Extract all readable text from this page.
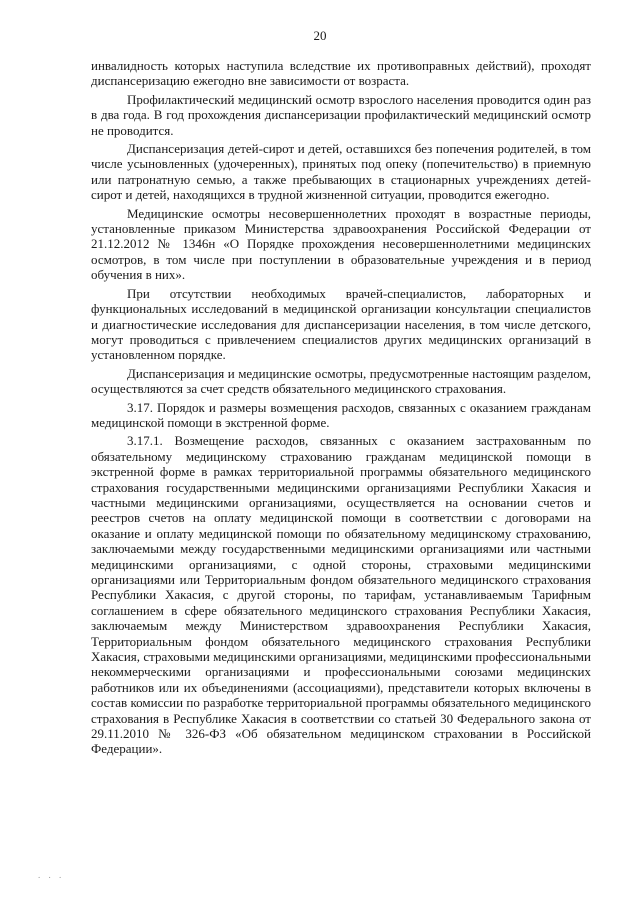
20

инвалидность которых наступила вследствие их противоправных действий), проходят диспансеризацию ежегодно вне зависимости от возраста.

Профилактический медицинский осмотр взрослого населения проводится один раз в два года. В год прохождения диспансеризации профилактический медицинский осмотр не проводится.

Диспансеризация детей-сирот и детей, оставшихся без попечения родителей, в том числе усыновленных (удочеренных), принятых под опеку (попечительство) в приемную или патронатную семью, а также пребывающих в стационарных учреждениях детей-сирот и детей, находящихся в трудной жизненной ситуации, проводится ежегодно.

Медицинские осмотры несовершеннолетних проходят в возрастные периоды, установленные приказом Министерства здравоохранения Российской Федерации от 21.12.2012 № 1346н «О Порядке прохождения несовершеннолетними медицинских осмотров, в том числе при поступлении в образовательные учреждения и в период обучения в них».

При отсутствии необходимых врачей-специалистов, лабораторных и функциональных исследований в медицинской организации консультации специалистов и диагностические исследования для диспансеризации населения, в том числе детского, могут проводиться с привлечением специалистов других медицинских организаций в установленном порядке.

Диспансеризация и медицинские осмотры, предусмотренные настоящим разделом, осуществляются за счет средств обязательного медицинского страхования.

3.17. Порядок и размеры возмещения расходов, связанных с оказанием гражданам медицинской помощи в экстренной форме.

3.17.1. Возмещение расходов, связанных с оказанием застрахованным по обязательному медицинскому страхованию гражданам медицинской помощи в экстренной форме в рамках территориальной программы обязательного медицинского страхования государственными медицинскими организациями Республики Хакасия и частными медицинскими организациями, осуществляется на основании счетов и реестров счетов на оплату медицинской помощи в соответствии с договорами на оказание и оплату медицинской помощи по обязательному медицинскому страхованию, заключаемыми между государственными медицинскими организациями или частными медицинскими организациями, с одной стороны, страховыми медицинскими организациями или Территориальным фондом обязательного медицинского страхования Республики Хакасия, с другой стороны, по тарифам, устанавливаемым Тарифным соглашением в сфере обязательного медицинского страхования Республики Хакасия, заключаемым между Министерством здравоохранения Республики Хакасия, Территориальным фондом обязательного медицинского страхования Республики Хакасия, страховыми медицинскими организациями, медицинскими профессиональными некоммерческими организациями и профессиональными союзами медицинских работников или их объединениями (ассоциациями), представители которых включены в состав комиссии по разработке территориальной программы обязательного медицинского страхования в Республике Хакасия в соответствии со статьей 30 Федерального закона от 29.11.2010 № 326-ФЗ «Об обязательном медицинском страховании в Российской Федерации».

. . .
